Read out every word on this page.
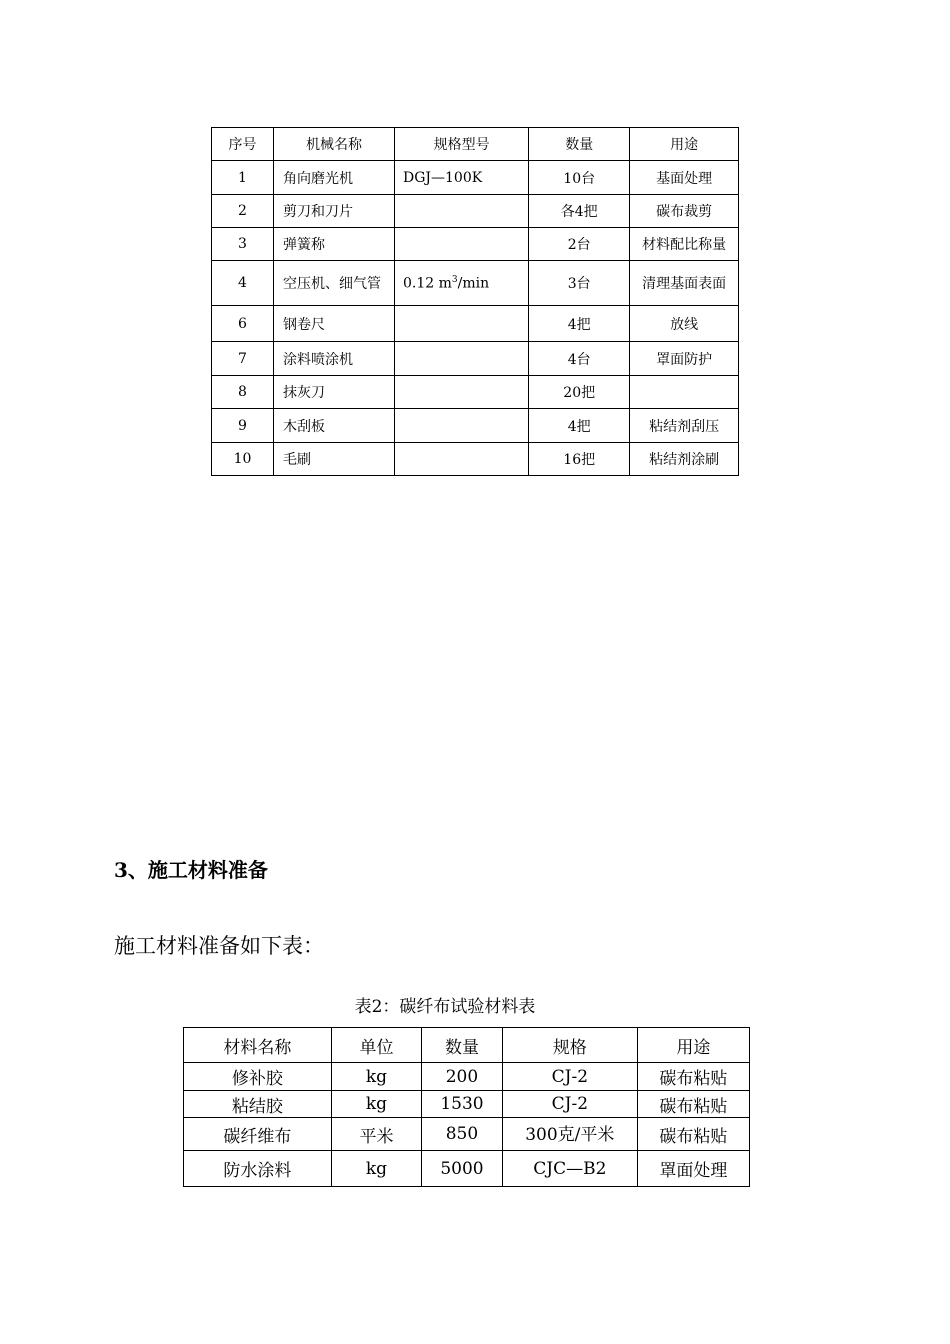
序号	机械名称	规格型号	数量	用途
1	角向磨光机	DGJ—100K	10台	基面处理
2	剪刀和刀片		各4把	碳布裁剪
3	弹簧称		2台	材料配比称量
4	空压机、细气管	0.12 $m^3/\min$	3台	清理基面表面
6	钢卷尺		4把	放线
7	涂料喷涂机		4台	罩面防护
8	抹灰刀		20把	
9	木刮板		4把	粘结剂刮压
10	毛刷		16把	粘结剂涂刷
3、施工材料准备

施工材料准备如下表：

表2：碳纤布试验材料表

材料名称	单位	数量	规格	用途
修补胶	kg	200	CJ-2	碳布粘贴
粘结胶	kg	1530	CJ-2	碳布粘贴
碳纤维布	平米	850	300克/平米	碳布粘贴
防水涂料	kg	5000	CJC—B2	罩面处理
